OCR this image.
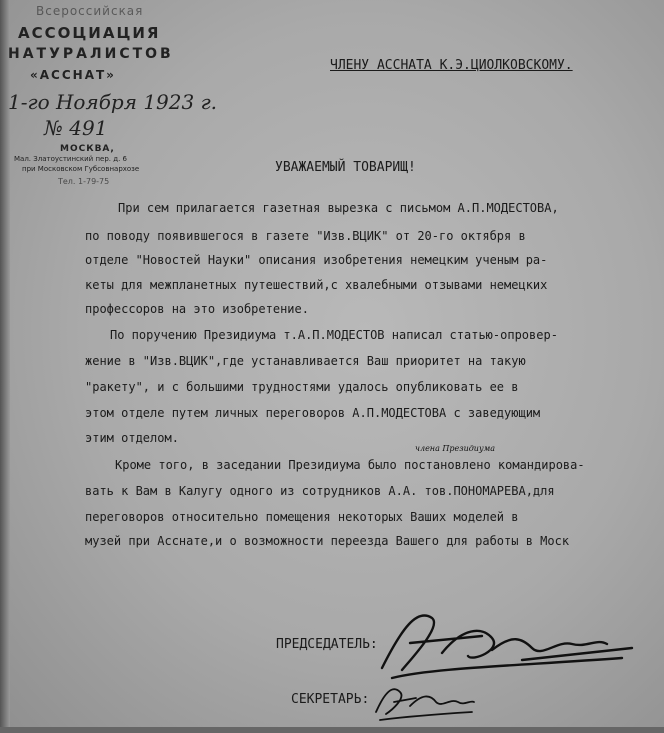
Всероссийская
АССОЦИАЦИЯ
НАТУРАЛИСТОВ
«АССНАТ»
1-го Ноября 1923 г.
№ 491
МОСКВА,
Мал. Златоустинский пер. д. 6
при Московском Губсовнархозе
Тел. 1-79-75
ЧЛЕНУ АССНАТА К.Э.ЦИОЛКОВСКОМУ.
УВАЖАЕМЫЙ ТОВАРИЩ!
При сем прилагается газетная вырезка с письмом А.П.МОДЕСТОВА,
по поводу появившегося в газете "Изв.ВЦИК" от 20-го октября в
отделе "Новостей Науки" описания изобретения немецким ученым ра-
кеты для межпланетных путешествий,с хвалебными отзывами немецких
профессоров на это изобретение.
По поручению Президиума т.А.П.МОДЕСТОВ написал статью-опровер-
жение в "Изв.ВЦИК",где устанавливается Ваш приоритет на такую
"ракету", и с большими трудностями удалось опубликовать ее в
этом отделе путем личных переговоров А.П.МОДЕСТОВА с заведующим
этим отделом.
Кроме того, в заседании Президиума было постановлено командирова-
вать к Вам в Калугу одного из сотрудников А.А. тов.ПОНОМАРЕВА,для
переговоров относительно помещения некоторых Ваших моделей в
музей при Асснате,и о возможности переезда Вашего для работы в Моск
члена Президиума
ПРЕДСЕДАТЕЛЬ:
СЕКРЕТАРЬ:
